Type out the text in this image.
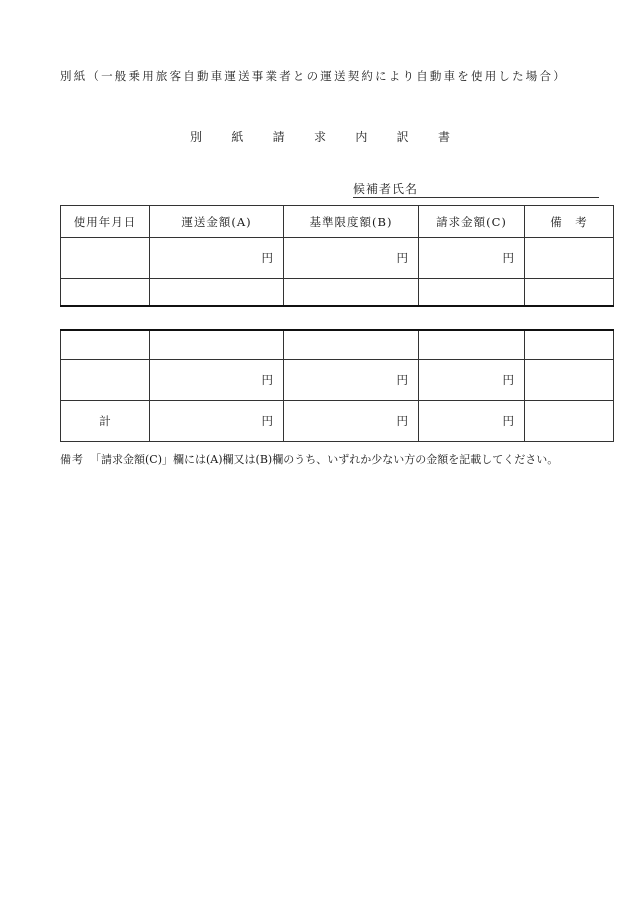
別紙（一般乗用旅客自動車運送事業者との運送契約により自動車を使用した場合）
別 紙 請 求 内 訳 書
候補者氏名
使用年月日	運送金額(A)	基準限度額(B)	請求金額(C)	備　考
	円	円	円	

	円	円	円	
計	円	円	円	
備考 「請求金額(C)」欄には(A)欄又は(B)欄のうち、いずれか少ない方の金額を記載してください。
